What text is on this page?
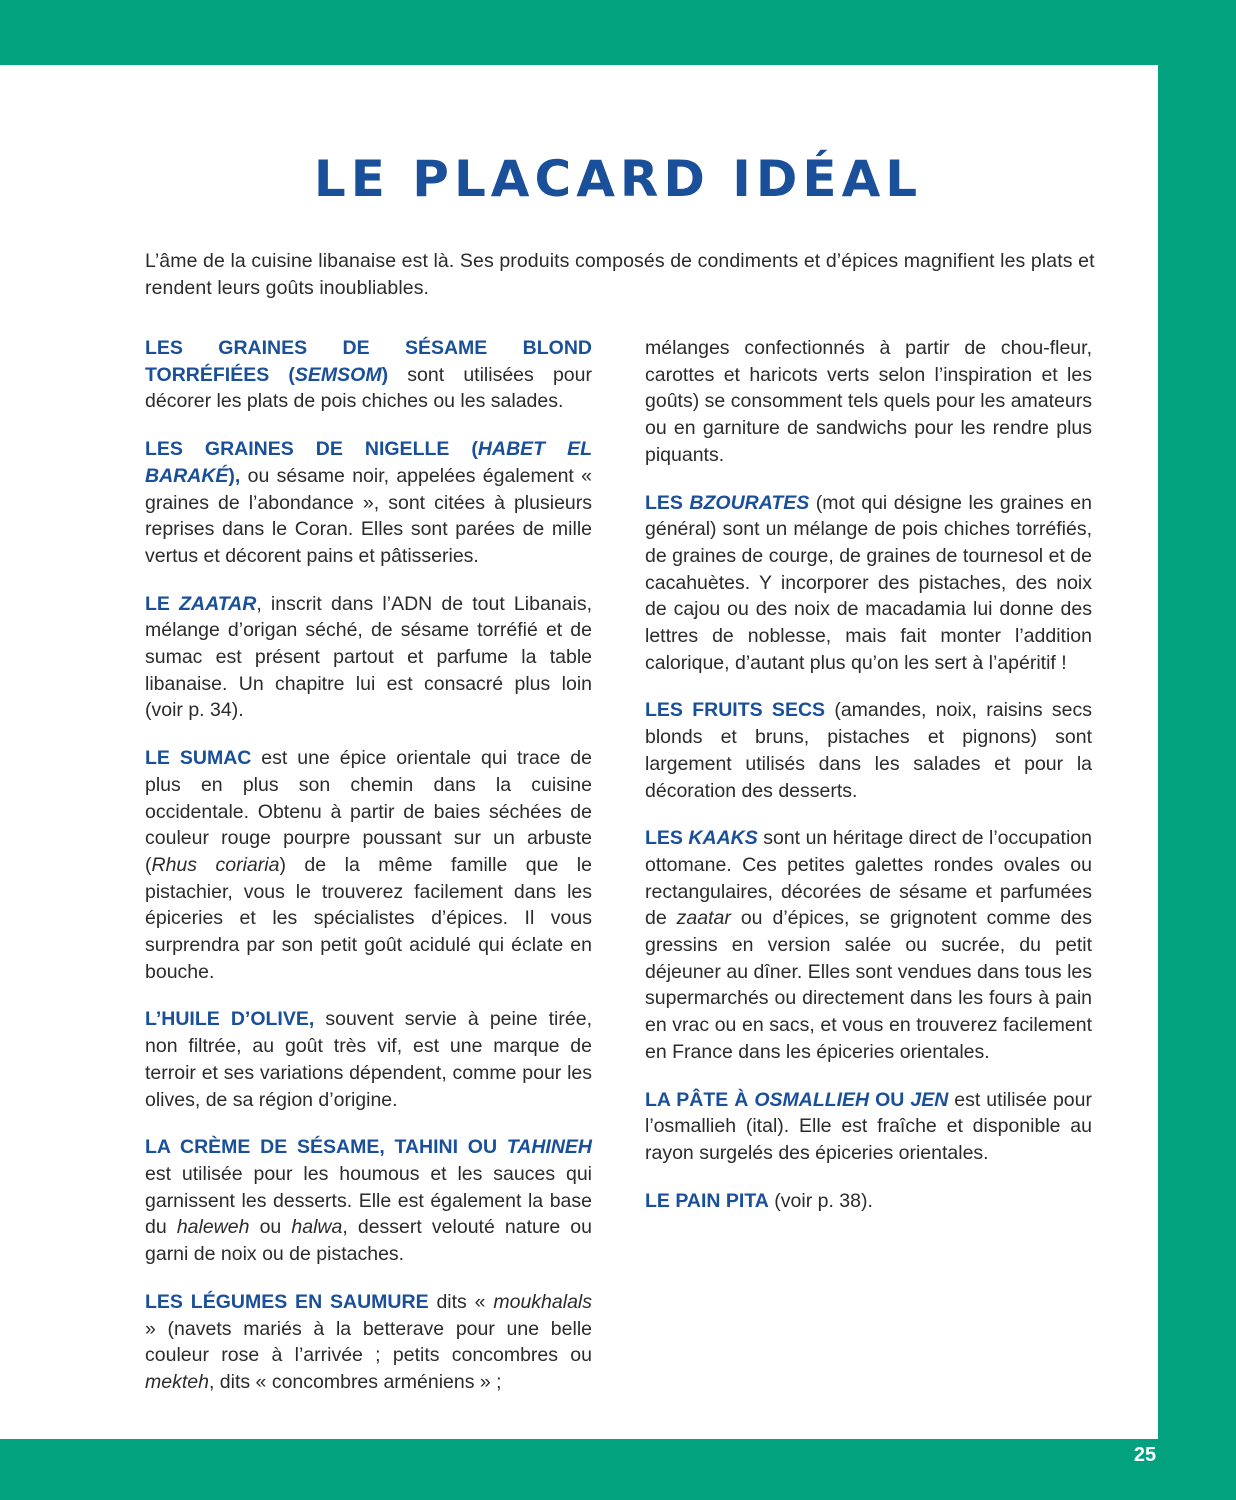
LE PLACARD IDÉAL

L’âme de la cuisine libanaise est là. Ses produits composés de condiments et d’épices magnifient les plats et rendent leurs goûts inoubliables.

LES GRAINES DE SÉSAME BLOND TORRÉFIÉES (SEMSOM) sont utilisées pour décorer les plats de pois chiches ou les salades.

LES GRAINES DE NIGELLE (HABET EL BARAKÉ), ou sésame noir, appelées également « graines de l’abondance », sont citées à plusieurs reprises dans le Coran. Elles sont parées de mille vertus et décorent pains et pâtisseries.

LE ZAATAR, inscrit dans l’ADN de tout Libanais, mélange d’origan séché, de sésame torréfié et de sumac est présent partout et parfume la table libanaise. Un chapitre lui est consacré plus loin (voir p. 34).

LE SUMAC est une épice orientale qui trace de plus en plus son chemin dans la cuisine occidentale. Obtenu à partir de baies séchées de couleur rouge pourpre poussant sur un arbuste (Rhus coriaria) de la même famille que le pistachier, vous le trouverez facilement dans les épiceries et les spécialistes d’épices. Il vous surprendra par son petit goût acidulé qui éclate en bouche.

L’HUILE D’OLIVE, souvent servie à peine tirée, non filtrée, au goût très vif, est une marque de terroir et ses variations dépendent, comme pour les olives, de sa région d’origine.

LA CRÈME DE SÉSAME, TAHINI OU TAHINEH est utilisée pour les houmous et les sauces qui garnissent les desserts. Elle est également la base du haleweh ou halwa, dessert velouté nature ou garni de noix ou de pistaches.

LES LÉGUMES EN SAUMURE dits « moukhalals » (navets mariés à la betterave pour une belle couleur rose à l’arrivée ; petits concombres ou mekteh, dits « concombres arméniens » ;

mélanges confectionnés à partir de chou-fleur, carottes et haricots verts selon l’inspiration et les goûts) se consomment tels quels pour les amateurs ou en garniture de sandwichs pour les rendre plus piquants.

LES BZOURATES (mot qui désigne les graines en général) sont un mélange de pois chiches torréfiés, de graines de courge, de graines de tournesol et de cacahuètes. Y incorporer des pistaches, des noix de cajou ou des noix de macadamia lui donne des lettres de noblesse, mais fait monter l’addition calorique, d’autant plus qu’on les sert à l’apéritif !

LES FRUITS SECS (amandes, noix, raisins secs blonds et bruns, pistaches et pignons) sont largement utilisés dans les salades et pour la décoration des desserts.

LES KAAKS sont un héritage direct de l’occupation ottomane. Ces petites galettes rondes ovales ou rectangulaires, décorées de sésame et parfumées de zaatar ou d’épices, se grignotent comme des gressins en version salée ou sucrée, du petit déjeuner au dîner. Elles sont vendues dans tous les supermarchés ou directement dans les fours à pain en vrac ou en sacs, et vous en trouverez facilement en France dans les épiceries orientales.

LA PÂTE À OSMALLIEH OU JEN est utilisée pour l’osmallieh (ital). Elle est fraîche et disponible au rayon surgelés des épiceries orientales.

LE PAIN PITA (voir p. 38).

25
